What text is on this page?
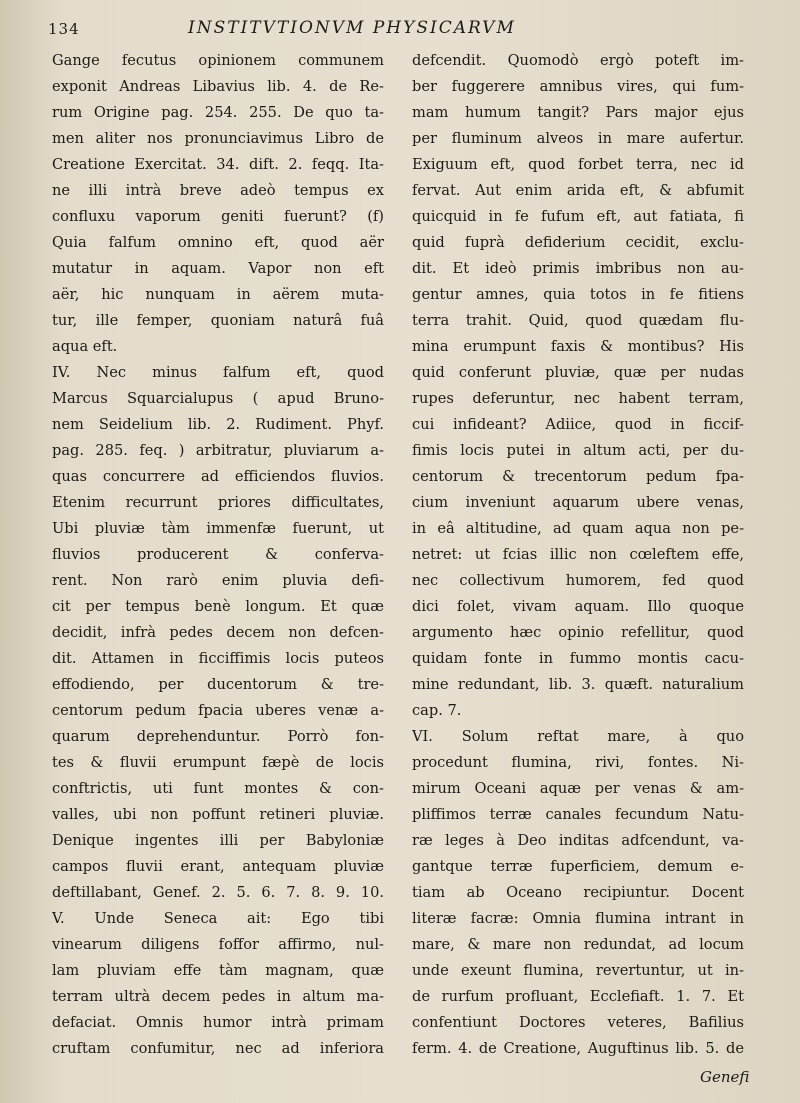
134	INSTITVTIONVM PHYSICARVM
Gange fecutus opinionem communem
exponit Andreas Libavius lib. 4. de Re-
rum Origine pag. 254. 255. De quo ta-
men aliter nos pronunciavimus Libro de
Creatione Exercitat. 34. dift. 2. feqq. Ita-
ne illi intrà breve adeò tempus ex
confluxu vaporum geniti fuerunt? (f)
Quia falfum omnino eft, quod aër
mutatur in aquam. Vapor non eft
aër, hic nunquam in aërem muta-
tur, ille femper, quoniam naturâ fuâ
aqua eft.
IV. Nec minus falfum eft, quod
Marcus Squarcialupus ( apud Bruno-
nem Seidelium lib. 2. Rudiment. Phyf.
pag. 285. feq. ) arbitratur, pluviarum a-
quas concurrere ad efficiendos fluvios.
Etenim recurrunt priores difficultates,
Ubi pluviæ tàm immenfæ fuerunt, ut
fluvios producerent & conferva-
rent. Non rarò enim pluvia defi-
cit per tempus benè longum. Et quæ
decidit, infrà pedes decem non defcen-
dit. Attamen in ficciffimis locis puteos
effodiendo, per ducentorum & tre-
centorum pedum fpacia uberes venæ a-
quarum deprehenduntur. Porrò fon-
tes & fluvii erumpunt fæpè de locis
conftrictis, uti funt montes & con-
valles, ubi non poffunt retineri pluviæ.
Denique ingentes illi per Babyloniæ
campos fluvii erant, antequam pluviæ
deftillabant, Genef. 2. 5. 6. 7. 8. 9. 10.
V. Unde Seneca ait: Ego tibi
vinearum diligens foffor affirmo, nul-
lam pluviam effe tàm magnam, quæ
terram ultrà decem pedes in altum ma-
defaciat. Omnis humor intrà primam
cruftam confumitur, nec ad inferiora
defcendit. Quomodò ergò poteft im-
ber fuggerere amnibus vires, qui fum-
mam humum tangit? Pars major ejus
per fluminum alveos in mare aufertur.
Exiguum eft, quod forbet terra, nec id
fervat. Aut enim arida eft, & abfumit
quicquid in fe fufum eft, aut fatiata, fi
quid fuprà defiderium cecidit, exclu-
dit. Et ideò primis imbribus non au-
gentur amnes, quia totos in fe fitiens
terra trahit. Quid, quod quædam flu-
mina erumpunt faxis & montibus? His
quid conferunt pluviæ, quæ per nudas
rupes deferuntur, nec habent terram,
cui infideant? Adiice, quod in ficcif-
fimis locis putei in altum acti, per du-
centorum & trecentorum pedum fpa-
cium inveniunt aquarum ubere venas,
in eâ altitudine, ad quam aqua non pe-
netret: ut fcias illic non cœleftem effe,
nec collectivum humorem, fed quod
dici folet, vivam aquam. Illo quoque
argumento hæc opinio refellitur, quod
quidam fonte in fummo montis cacu-
mine redundant, lib. 3. quæft. naturalium
cap. 7.
VI. Solum reftat mare, à quo
procedunt flumina, rivi, fontes. Ni-
mirum Oceani aquæ per venas & am-
pliffimos terræ canales fecundum Natu-
ræ leges à Deo inditas adfcendunt, va-
gantque terræ fuperficiem, demum e-
tiam ab Oceano recipiuntur. Docent
literæ facræ: Omnia flumina intrant in
mare, & mare non redundat, ad locum
unde exeunt flumina, revertuntur, ut in-
de rurfum profluant, Ecclefiaft. 1. 7. Et
confentiunt Doctores veteres, Bafilius
ferm. 4. de Creatione, Auguftinus lib. 5. de
Genefi
